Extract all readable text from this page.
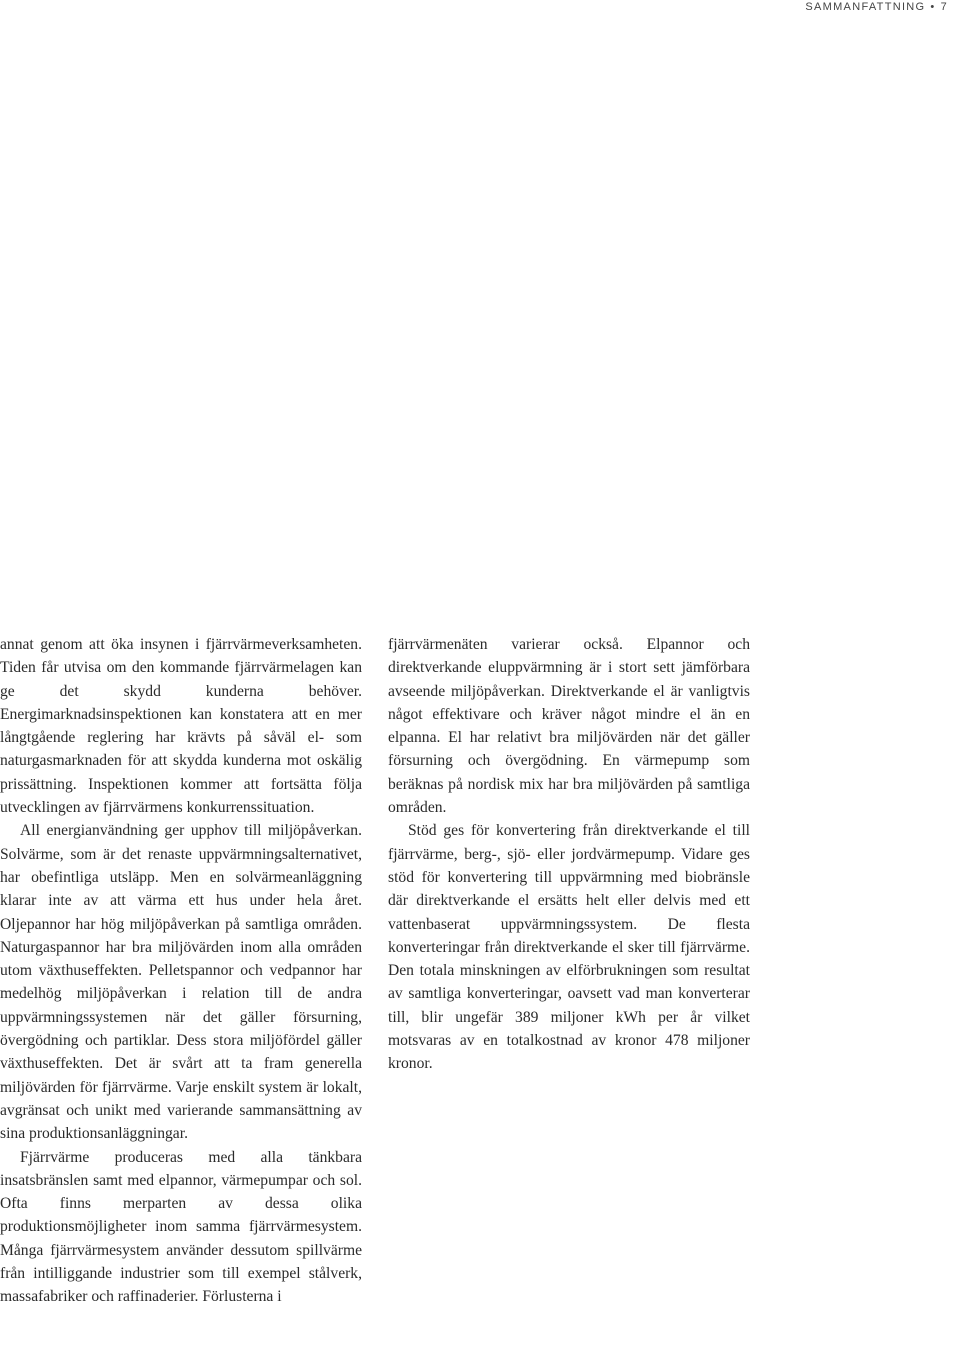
SAMMANFATTNING • 7

annat genom att öka insynen i fjärrvärmeverksamheten. Tiden får utvisa om den kommande fjärrvärmelagen kan ge det skydd kunderna behöver. Energimarknadsinspektionen kan konstatera att en mer långtgående reglering har krävts på såväl el- som naturgasmarknaden för att skydda kunderna mot oskälig prissättning. Inspektionen kommer att fortsätta följa utvecklingen av fjärrvärmens konkurrenssituation.

All energianvändning ger upphov till miljöpåverkan. Solvärme, som är det renaste uppvärmningsalternativet, har obefintliga utsläpp. Men en solvärmeanläggning klarar inte av att värma ett hus under hela året. Oljepannor har hög miljöpåverkan på samtliga områden. Naturgaspannor har bra miljövärden inom alla områden utom växthuseffekten. Pelletspannor och vedpannor har medelhög miljöpåverkan i relation till de andra uppvärmningssystemen när det gäller försurning, övergödning och partiklar. Dess stora miljöfördel gäller växthuseffekten. Det är svårt att ta fram generella miljövärden för fjärrvärme. Varje enskilt system är lokalt, avgränsat och unikt med varierande sammansättning av sina produktionsanläggningar.

Fjärrvärme produceras med alla tänkbara insatsbränslen samt med elpannor, värmepumpar och sol. Ofta finns merparten av dessa olika produktionsmöjligheter inom samma fjärrvärmesystem. Många fjärrvärmesystem använder dessutom spillvärme från intilliggande industrier som till exempel stålverk, massafabriker och raffinaderier. Förlusterna i

fjärrvärmenäten varierar också. Elpannor och direktverkande eluppvärmning är i stort sett jämförbara avseende miljöpåverkan. Direktverkande el är vanligtvis något effektivare och kräver något mindre el än en elpanna. El har relativt bra miljövärden när det gäller försurning och övergödning. En värmepump som beräknas på nordisk mix har bra miljövärden på samtliga områden.

Stöd ges för konvertering från direktverkande el till fjärrvärme, berg-, sjö- eller jordvärmepump. Vidare ges stöd för konvertering till uppvärmning med biobränsle där direktverkande el ersätts helt eller delvis med ett vattenbaserat uppvärmningssystem. De flesta konverteringar från direktverkande el sker till fjärrvärme. Den totala minskningen av elförbrukningen som resultat av samtliga konverteringar, oavsett vad man konverterar till, blir ungefär 389 miljoner kWh per år vilket motsvaras av en totalkostnad av kronor 478 miljoner kronor.
